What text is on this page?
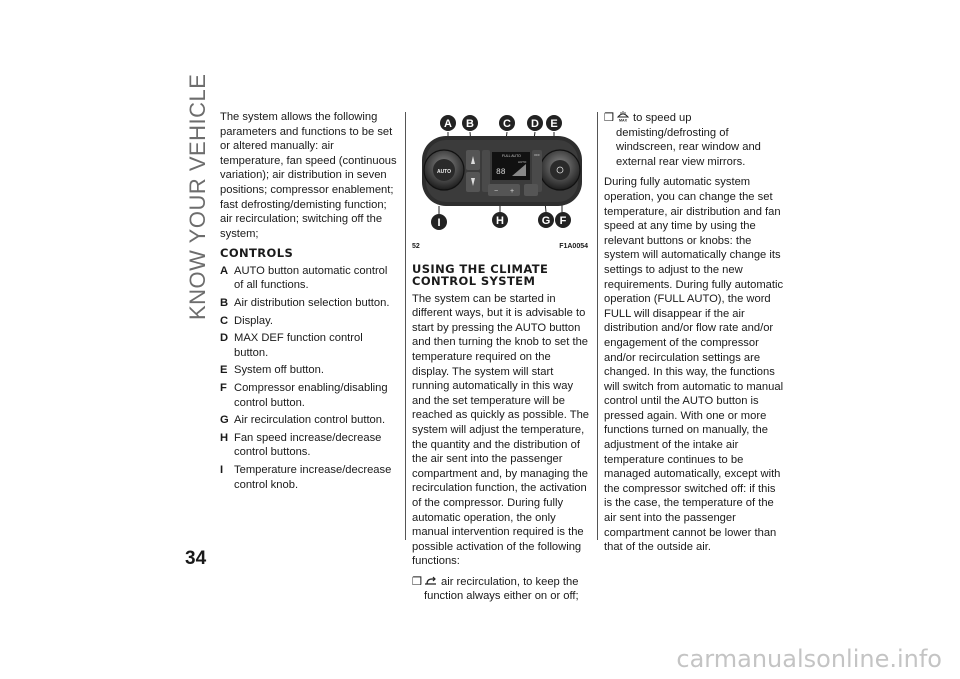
KNOW YOUR VEHICLE
34

The system allows the following parameters and functions to be set or altered manually: air temperature, fan speed (continuous variation); air distribution in seven positions; compressor enablement; fast defrosting/demisting function; air recirculation; switching off the system;

CONTROLS
A AUTO button automatic control of all functions.
B Air distribution selection button.
C Display.
D MAX DEF function control button.
E System off button.
F Compressor enabling/disabling control button.
G Air recirculation control button.
H Fan speed increase/decrease control buttons.
I Temperature increase/decrease control knob.
AUTO
FULL AUTO
AUTO
88
OFF
− +
A B	C D E
I	H	G F
52	F1A0054
USING THE CLIMATE CONTROL SYSTEM

The system can be started in different ways, but it is advisable to start by pressing the AUTO button and then turning the knob to set the temperature required on the display. The system will start running automatically in this way and the set temperature will be reached as quickly as possible. The system will adjust the temperature, the quantity and the distribution of the air sent into the passenger compartment and, by managing the recirculation function, the activation of the compressor. During fully automatic operation, the only manual intervention required is the possible activation of the following functions:

❒ air recirculation, to keep the function always either on or off;
❒ MAX to speed up demisting/defrosting of windscreen, rear window and external rear view mirrors.

During fully automatic system operation, you can change the set temperature, air distribution and fan speed at any time by using the relevant buttons or knobs: the system will automatically change its settings to adjust to the new requirements. During fully automatic operation (FULL AUTO), the word FULL will disappear if the air distribution and/or flow rate and/or engagement of the compressor and/or recirculation settings are changed. In this way, the functions will switch from automatic to manual control until the AUTO button is pressed again. With one or more functions turned on manually, the adjustment of the intake air temperature continues to be managed automatically, except with the compressor switched off: if this is the case, the temperature of the air sent into the passenger compartment cannot be lower than that of the outside air.

carmanualsonline.info
